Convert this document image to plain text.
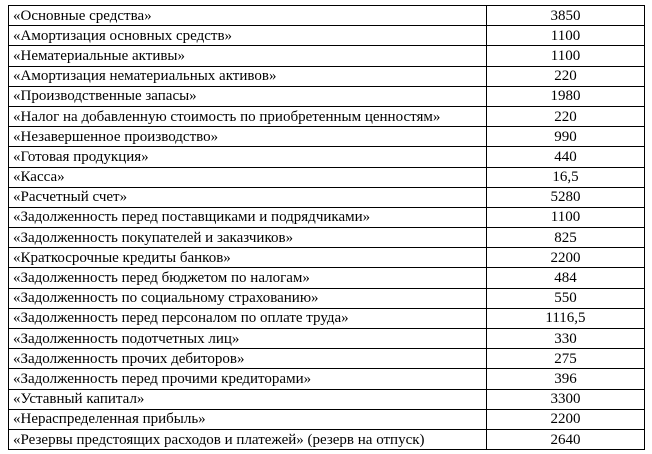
«Основные средства»	3850
«Амортизация основных средств»	1100
«Нематериальные активы»	1100
«Амортизация нематериальных активов»	220
«Производственные запасы»	1980
«Налог на добавленную стоимость по приобретенным ценностям»	220
«Незавершенное производство»	990
«Готовая продукция»	440
«Касса»	16,5
«Расчетный счет»	5280
«Задолженность перед поставщиками и подрядчиками»	1100
«Задолженность покупателей и заказчиков»	825
«Краткосрочные кредиты банков»	2200
«Задолженность перед бюджетом по налогам»	484
«Задолженность по социальному страхованию»	550
«Задолженность перед персоналом по оплате труда»	1116,5
«Задолженность подотчетных лиц»	330
«Задолженность прочих дебиторов»	275
«Задолженность перед прочими кредиторами»	396
«Уставный капитал»	3300
«Нераспределенная прибыль»	2200
«Резервы предстоящих расходов и платежей» (резерв на отпуск)	2640
